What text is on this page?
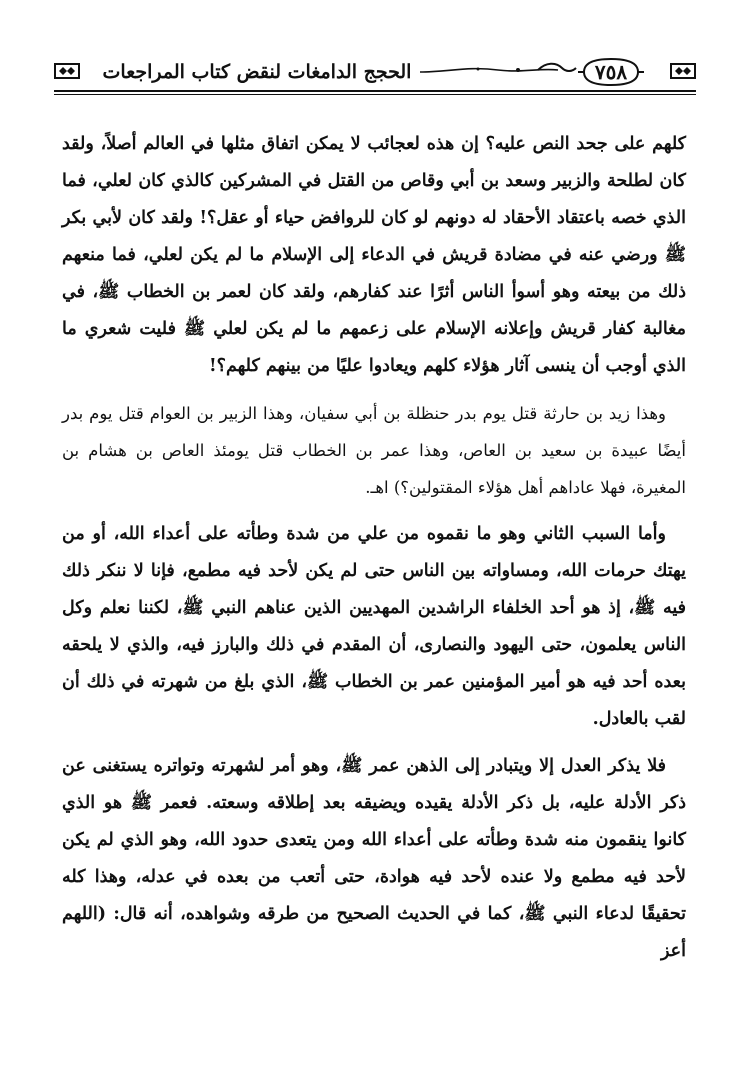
الحجج الدامغات لنقض كتاب المراجعات	٧٥٨

كلهم على جحد النص عليه؟ إن هذه لعجائب لا يمكن اتفاق مثلها في العالم أصلاً، ولقد كان لطلحة والزبير وسعد بن أبي وقاص من القتل في المشركين كالذي كان لعلي، فما الذي خصه باعتقاد الأحقاد له دونهم لو كان للروافض حياء أو عقل؟! ولقد كان لأبي بكر ﷺ ورضي عنه في مضادة قريش في الدعاء إلى الإسلام ما لم يكن لعلي، فما منعهم ذلك من بيعته وهو أسوأ الناس أثرًا عند كفارهم، ولقد كان لعمر بن الخطاب ﷺ، في مغالبة كفار قريش وإعلانه الإسلام على زعمهم ما لم يكن لعلي ﷺ فليت شعري ما الذي أوجب أن ينسى آثار هؤلاء كلهم ويعادوا عليًا من بينهم كلهم؟!

وهذا زيد بن حارثة قتل يوم بدر حنظلة بن أبي سفيان، وهذا الزبير بن العوام قتل يوم بدر أيضًا عبيدة بن سعيد بن العاص، وهذا عمر بن الخطاب قتل يومئذ العاص بن هشام بن المغيرة، فهلا عاداهم أهل هؤلاء المقتولين؟) اهـ.

وأما السبب الثاني وهو ما نقموه من علي من شدة وطأته على أعداء الله، أو من يهتك حرمات الله، ومساواته بين الناس حتى لم يكن لأحد فيه مطمع، فإنا لا ننكر ذلك فيه ﷺ، إذ هو أحد الخلفاء الراشدين المهديين الذين عناهم النبي ﷺ، لكننا نعلم وكل الناس يعلمون، حتى اليهود والنصارى، أن المقدم في ذلك والبارز فيه، والذي لا يلحقه بعده أحد فيه هو أمير المؤمنين عمر بن الخطاب ﷺ، الذي بلغ من شهرته في ذلك أن لقب بالعادل.

فلا يذكر العدل إلا ويتبادر إلى الذهن عمر ﷺ، وهو أمر لشهرته وتواتره يستغنى عن ذكر الأدلة عليه، بل ذكر الأدلة يقيده ويضيقه بعد إطلاقه وسعته. فعمر ﷺ هو الذي كانوا ينقمون منه شدة وطأته على أعداء الله ومن يتعدى حدود الله، وهو الذي لم يكن لأحد فيه مطمع ولا عنده لأحد فيه هوادة، حتى أتعب من بعده في عدله، وهذا كله تحقيقًا لدعاء النبي ﷺ، كما في الحديث الصحيح من طرقه وشواهده، أنه قال: (اللهم أعز
